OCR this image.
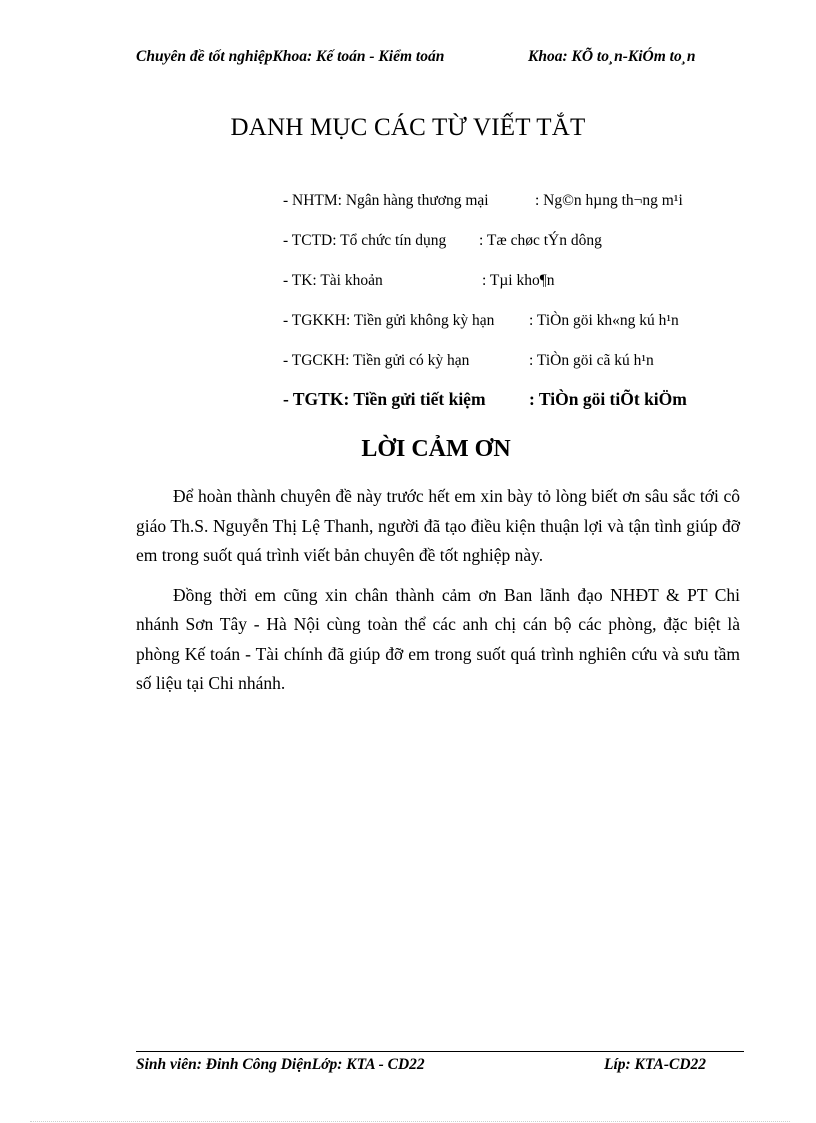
Chuyên đề tốt nghiệpKhoa: Kế toán - Kiểm toán	Khoa: KÕ to¸n-KiÓm to¸n
DANH MỤC CÁC TỪ VIẾT TẮT
- NHTM: Ngân hàng thương mại	: Ng©n hµng th¬ng m¹i
- TCTD: Tổ chức tín dụng : Tæ chøc tÝn dông
- TK: Tài khoản	: Tµi kho¶n
- TGKKH: Tiền gửi không kỳ hạn : TiÒn göi kh«ng kú h¹n
- TGCKH: Tiền gửi có kỳ hạn	: TiÒn göi cã kú h¹n
- TGTK: Tiền gửi tiết kiệm : TiÒn göi tiÕt kiÖm
LỜI CẢM ƠN

Để hoàn thành chuyên đề này trước hết em xin bày tỏ lòng biết ơn sâu sắc tới cô giáo Th.S. Nguyễn Thị Lệ Thanh, người đã tạo điều kiện thuận lợi và tận tình giúp đỡ em trong suốt quá trình viết bản chuyên đề tốt nghiệp này.

Đồng thời em cũng xin chân thành cảm ơn Ban lãnh đạo NHĐT & PT Chi nhánh Sơn Tây - Hà Nội cùng toàn thể các anh chị cán bộ các phòng, đặc biệt là phòng Kế toán - Tài chính đã giúp đỡ em trong suốt quá trình nghiên cứu và sưu tầm số liệu tại Chi nhánh.

Sinh viên: Đinh Công DiệnLớp: KTA - CD22	Líp: KTA-CD22
